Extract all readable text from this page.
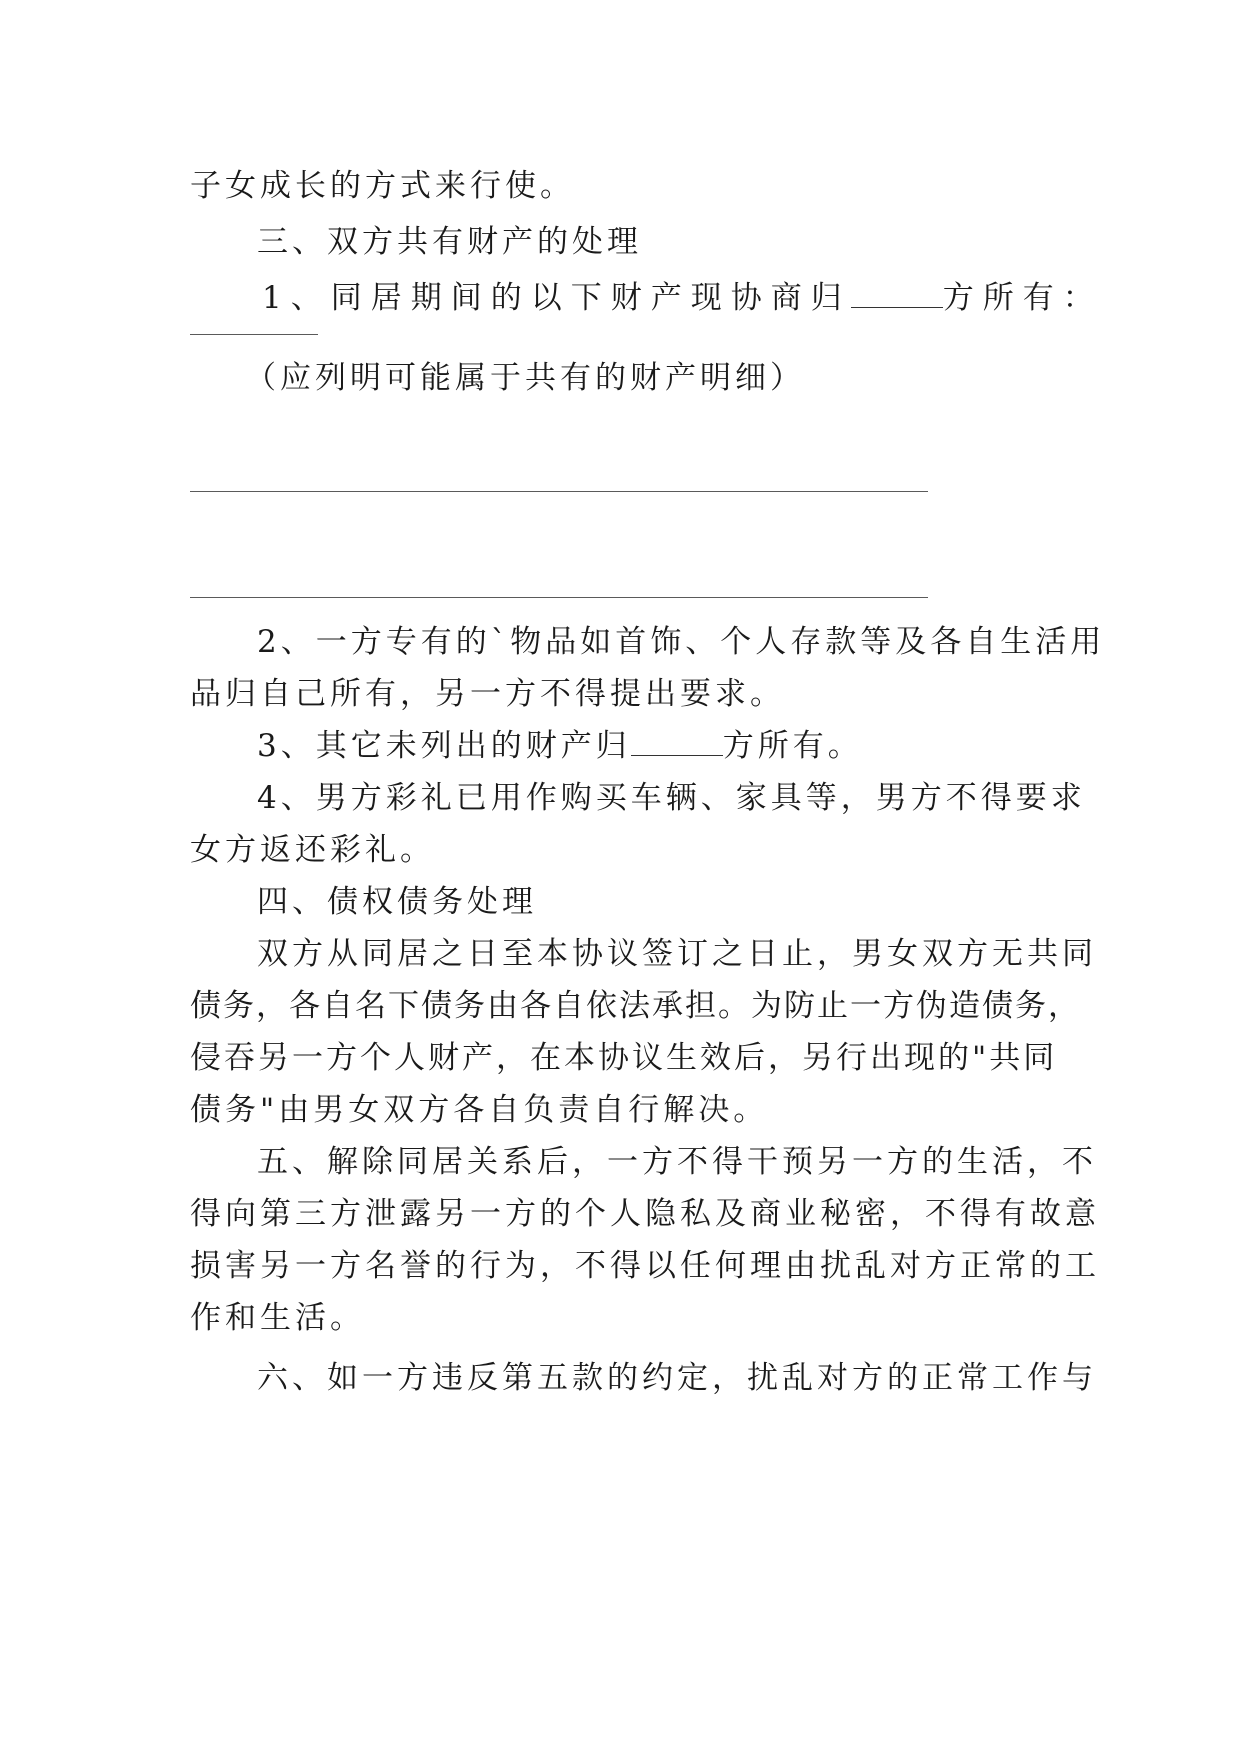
子女成长的方式来行使。
三、双方共有财产的处理
1、同居期间的以下财产现协商归	方所有：
（应列明可能属于共有的财产明细）
2、一方专有的`物品如首饰、个人存款等及各自生活用
品归自己所有，另一方不得提出要求。
3、其它未列出的财产归	方所有。
4、男方彩礼已用作购买车辆、家具等，男方不得要求
女方返还彩礼。
四、债权债务处理
双方从同居之日至本协议签订之日止，男女双方无共同
债务，各自名下债务由各自依法承担。为防止一方伪造债务，
侵吞另一方个人财产，在本协议生效后，另行出现的"共同
债务"由男女双方各自负责自行解决。
五、解除同居关系后，一方不得干预另一方的生活，不
得向第三方泄露另一方的个人隐私及商业秘密，不得有故意
损害另一方名誉的行为，不得以任何理由扰乱对方正常的工
作和生活。
六、如一方违反第五款的约定，扰乱对方的正常工作与
